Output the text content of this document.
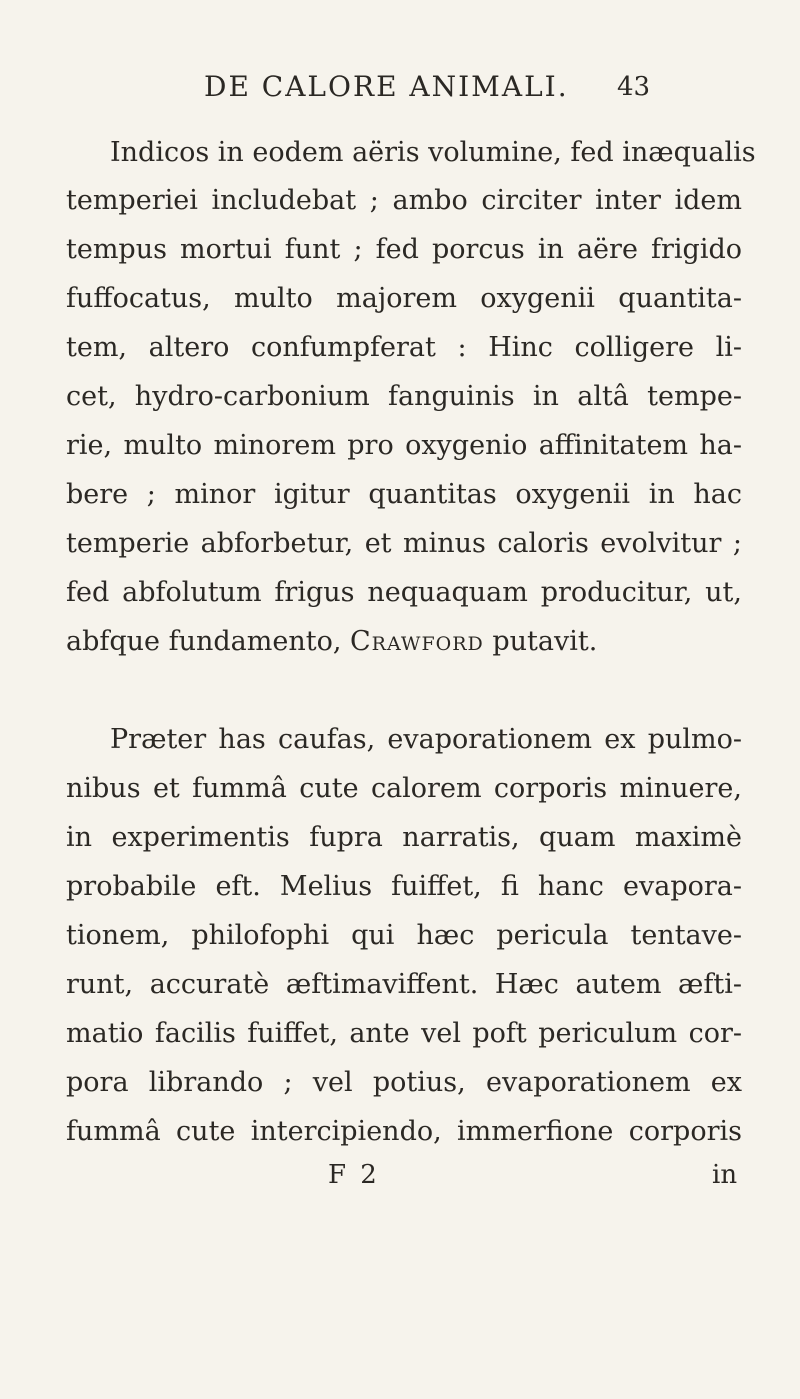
DE CALORE ANIMALI. 43
Indicos in eodem aëris volumine, fed inæqualis
temperiei includebat ; ambo circiter inter idem
tempus mortui funt ; fed porcus in aëre frigido
fuffocatus, multo majorem oxygenii quantita-
tem, altero confumpferat : Hinc colligere li-
cet, hydro-carbonium fanguinis in altâ tempe-
rie, multo minorem pro oxygenio affinitatem ha-
bere ; minor igitur quantitas oxygenii in hac
temperie abforbetur, et minus caloris evolvitur ;
fed abfolutum frigus nequaquam producitur, ut,
abfque fundamento, Crawford putavit.
Præter has caufas, evaporationem ex pulmo-
nibus et fummâ cute calorem corporis minuere,
in experimentis fupra narratis, quam maximè
probabile eft. Melius fuiffet, fi hanc evapora-
tionem, philofophi qui hæc pericula tentave-
runt, accuratè æftimaviffent. Hæc autem æfti-
matio facilis fuiffet, ante vel poft periculum cor-
pora librando ; vel potius, evaporationem ex
fummâ cute intercipiendo, immerfione corporis
F 2	in
